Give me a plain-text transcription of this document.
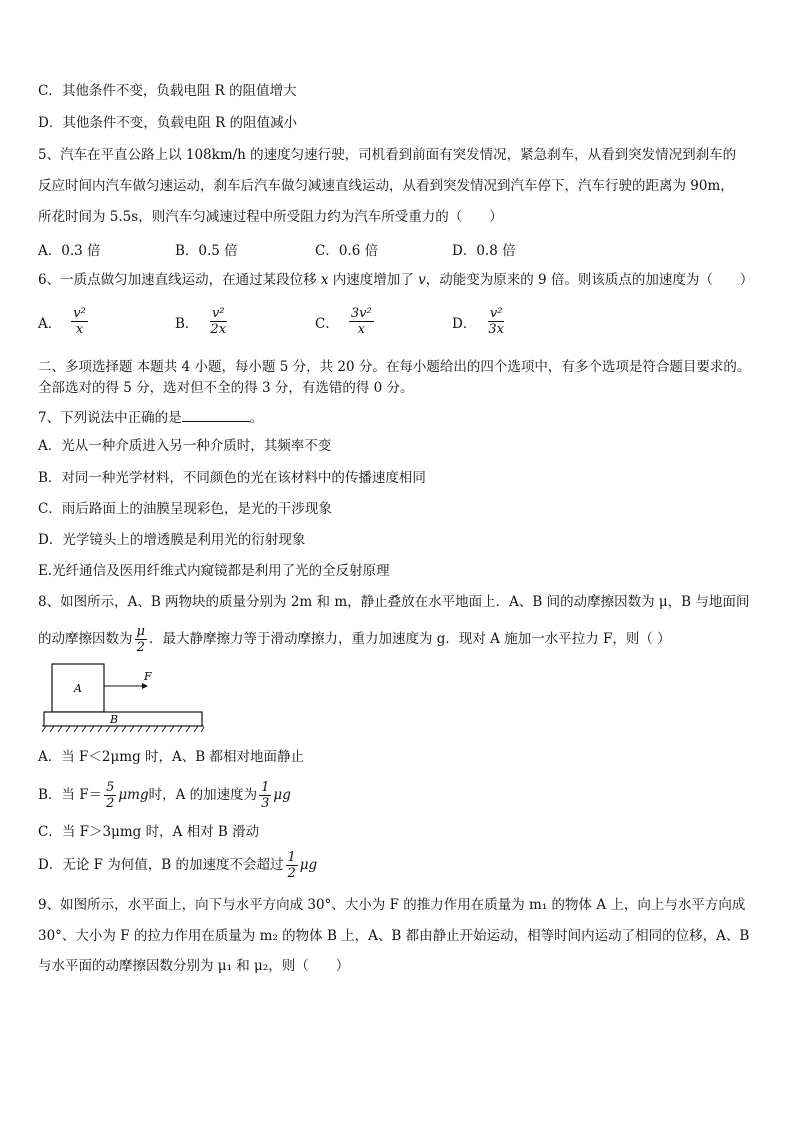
C．其他条件不变，负载电阻 R 的阻值增大
D．其他条件不变，负载电阻 R 的阻值减小
5、汽车在平直公路上以 108km/h 的速度匀速行驶，司机看到前面有突发情况，紧急刹车，从看到突发情况到刹车的
反应时间内汽车做匀速运动，刹车后汽车做匀减速直线运动，从看到突发情况到汽车停下，汽车行驶的距离为 90m，
所花时间为 5.5s，则汽车匀减速过程中所受阻力约为汽车所受重力的（　　）
A．0.3 倍	B．0.5 倍	C．0.6 倍	D．0.8 倍
6、一质点做匀加速直线运动，在通过某段位移 x 内速度增加了 v，动能变为原来的 9 倍。则该质点的加速度为（　　）
A． $\frac{\text{v²}}{x}$	B． $\frac{\text{v²}}{2x}$	C． $\frac{\text{3v²}}{x}$	D． $\frac{\text{v²}}{3x}$
二、多项选择题 本题共 4 小题，每小题 5 分，共 20 分。在每小题给出的四个选项中，有多个选项是符合题目要求的。
全部选对的得 5 分，选对但不全的得 3 分，有选错的得 0 分。
7、下列说法中正确的是	。
A．光从一种介质进入另一种介质时，其频率不变
B．对同一种光学材料，不同颜色的光在该材料中的传播速度相同
C．雨后路面上的油膜呈现彩色，是光的干涉现象
D．光学镜头上的增透膜是利用光的衍射现象
E.光纤通信及医用纤维式内窥镜都是利用了光的全反射原理
8、如图所示，A、B 两物块的质量分别为 2m 和 m，静止叠放在水平地面上．A、B 间的动摩擦因数为 μ，B 与地面间
的动摩擦因数为 $\frac{\mu}{2}$ ．最大静摩擦力等于滑动摩擦力，重力加速度为 g．现对 A 施加一水平拉力 F，则（ ）
A
F
B
A．当 F＜2μmg 时，A、B 都相对地面静止
B．当 $F= \frac{5}{2}$ μmg时，A 的加速度为 $\frac{1}{3}$ μg
C．当 F＞3μmg 时，A 相对 B 滑动
D．无论 F 为何值，B 的加速度不会超过 $\frac{1}{2}$ μg
9、如图所示，水平面上，向下与水平方向成 30°、大小为 F 的推力作用在质量为 m₁ 的物体 A 上，向上与水平方向成
30°、大小为 F 的拉力作用在质量为 m₂ 的物体 B 上，A、B 都由静止开始运动，相等时间内运动了相同的位移，A、B
与水平面的动摩擦因数分别为 μ₁ 和 μ₂，则（　　）
